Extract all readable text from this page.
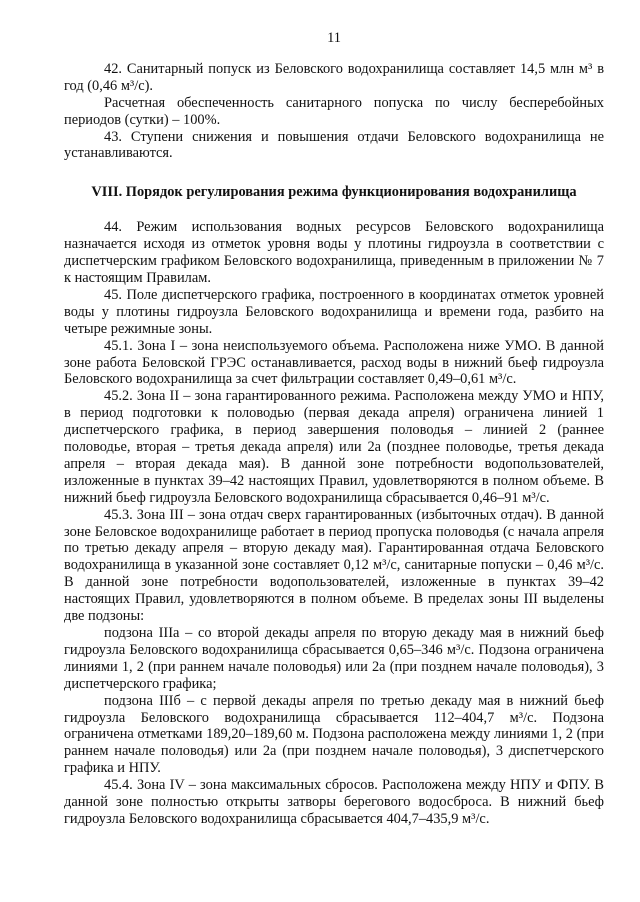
11

42. Санитарный попуск из Беловского водохранилища составляет 14,5 млн м³ в год (0,46 м³/с).

Расчетная обеспеченность санитарного попуска по числу бесперебойных периодов (сутки) – 100%.

43. Ступени снижения и повышения отдачи Беловского водохранилища не устанавливаются.

VIII. Порядок регулирования режима функционирования водохранилища

44. Режим использования водных ресурсов Беловского водохранилища назначается исходя из отметок уровня воды у плотины гидроузла в соответствии с диспетчерским графиком Беловского водохранилища, приведенным в приложении № 7 к настоящим Правилам.

45. Поле диспетчерского графика, построенного в координатах отметок уровней воды у плотины гидроузла Беловского водохранилища и времени года, разбито на четыре режимные зоны.

45.1. Зона I – зона неиспользуемого объема. Расположена ниже УМО. В данной зоне работа Беловской ГРЭС останавливается, расход воды в нижний бьеф гидроузла Беловского водохранилища за счет фильтрации составляет 0,49–0,61 м³/с.

45.2. Зона II – зона гарантированного режима. Расположена между УМО и НПУ, в период подготовки к половодью (первая декада апреля) ограничена линией 1 диспетчерского графика, в период завершения половодья – линией 2 (раннее половодье, вторая – третья декада апреля) или 2а (позднее половодье, третья декада апреля – вторая декада мая). В данной зоне потребности водопользователей, изложенные в пунктах 39–42 настоящих Правил, удовлетворяются в полном объеме. В нижний бьеф гидроузла Беловского водохранилища сбрасывается 0,46–91 м³/с.

45.3. Зона III – зона отдач сверх гарантированных (избыточных отдач). В данной зоне Беловское водохранилище работает в период пропуска половодья (с начала апреля по третью декаду апреля – вторую декаду мая). Гарантированная отдача Беловского водохранилища в указанной зоне составляет 0,12 м³/с, санитарные попуски – 0,46 м³/с. В данной зоне потребности водопользователей, изложенные в пунктах 39–42 настоящих Правил, удовлетворяются в полном объеме. В пределах зоны III выделены две подзоны:

подзона IIIа – со второй декады апреля по вторую декаду мая в нижний бьеф гидроузла Беловского водохранилища сбрасывается 0,65–346 м³/с. Подзона ограничена линиями 1, 2 (при раннем начале половодья) или 2а (при позднем начале половодья), 3 диспетчерского графика;

подзона IIIб – с первой декады апреля по третью декаду мая в нижний бьеф гидроузла Беловского водохранилища сбрасывается 112–404,7 м³/с. Подзона ограничена отметками 189,20–189,60 м. Подзона расположена между линиями 1, 2 (при раннем начале половодья) или 2а (при позднем начале половодья), 3 диспетчерского графика и НПУ.

45.4. Зона IV – зона максимальных сбросов. Расположена между НПУ и ФПУ. В данной зоне полностью открыты затворы берегового водосброса. В нижний бьеф гидроузла Беловского водохранилища сбрасывается 404,7–435,9 м³/с.
